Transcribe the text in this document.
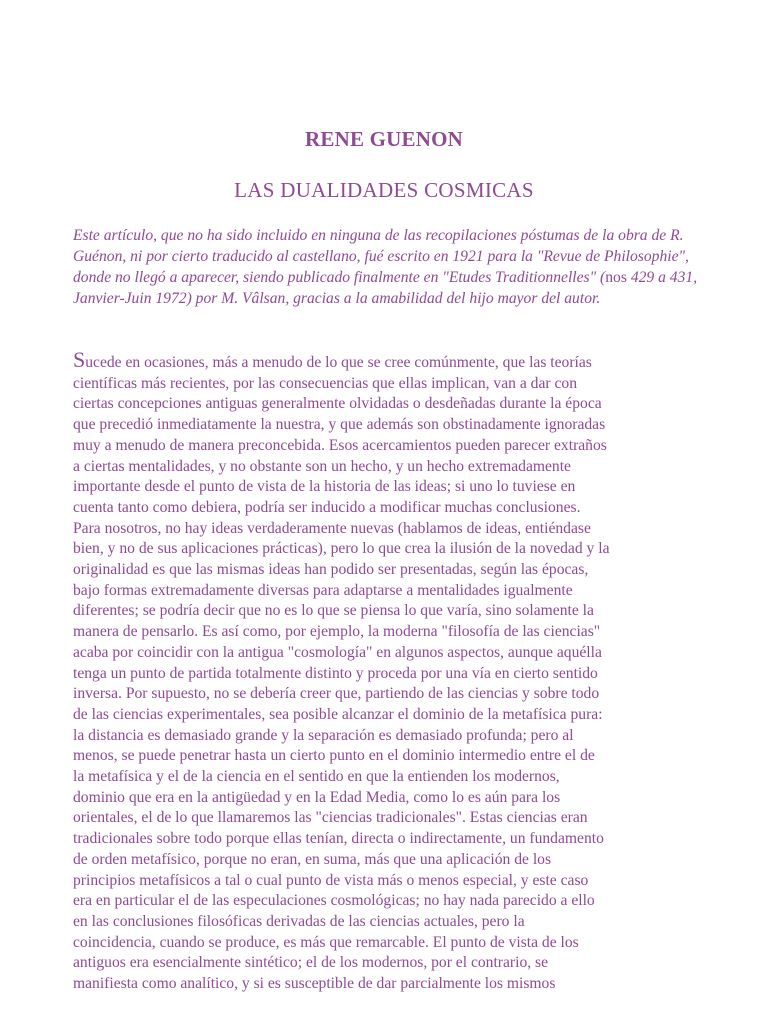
RENE GUENON
LAS DUALIDADES COSMICAS
Este artículo, que no ha sido incluido en ninguna de las recopilaciones póstumas de la obra de R. Guénon, ni por cierto traducido al castellano, fué escrito en 1921 para la "Revue de Philosophie", donde no llegó a aparecer, siendo publicado finalmente en "Etudes Traditionnelles" (nos 429 a 431, Janvier-Juin 1972) por M. Vâlsan, gracias a la amabilidad del hijo mayor del autor.
Sucede en ocasiones, más a menudo de lo que se cree comúnmente, que las teorías
científicas más recientes, por las consecuencias que ellas implican, van a dar con
ciertas concepciones antiguas generalmente olvidadas o desdeñadas durante la época
que precedió inmediatamente la nuestra, y que además son obstinadamente ignoradas
muy a menudo de manera preconcebida. Esos acercamientos pueden parecer extraños
a ciertas mentalidades, y no obstante son un hecho, y un hecho extremadamente
importante desde el punto de vista de la historia de las ideas; si uno lo tuviese en
cuenta tanto como debiera, podría ser inducido a modificar muchas conclusiones.
Para nosotros, no hay ideas verdaderamente nuevas (hablamos de ideas, entiéndase
bien, y no de sus aplicaciones prácticas), pero lo que crea la ilusión de la novedad y la
originalidad es que las mismas ideas han podido ser presentadas, según las épocas,
bajo formas extremadamente diversas para adaptarse a mentalidades igualmente
diferentes; se podría decir que no es lo que se piensa lo que varía, sino solamente la
manera de pensarlo. Es así como, por ejemplo, la moderna "filosofía de las ciencias"
acaba por coincidir con la antigua "cosmología" en algunos aspectos, aunque aquélla
tenga un punto de partida totalmente distinto y proceda por una vía en cierto sentido
inversa. Por supuesto, no se debería creer que, partiendo de las ciencias y sobre todo
de las ciencias experimentales, sea posible alcanzar el dominio de la metafísica pura:
la distancia es demasiado grande y la separación es demasiado profunda; pero al
menos, se puede penetrar hasta un cierto punto en el dominio intermedio entre el de
la metafísica y el de la ciencia en el sentido en que la entienden los modernos,
dominio que era en la antigüedad y en la Edad Media, como lo es aún para los
orientales, el de lo que llamaremos las "ciencias tradicionales". Estas ciencias eran
tradicionales sobre todo porque ellas tenían, directa o indirectamente, un fundamento
de orden metafísico, porque no eran, en suma, más que una aplicación de los
principios metafísicos a tal o cual punto de vista más o menos especial, y este caso
era en particular el de las especulaciones cosmológicas; no hay nada parecido a ello
en las conclusiones filosóficas derivadas de las ciencias actuales, pero la
coincidencia, cuando se produce, es más que remarcable. El punto de vista de los
antiguos era esencialmente sintético; el de los modernos, por el contrario, se
manifiesta como analítico, y si es susceptible de dar parcialmente los mismos
